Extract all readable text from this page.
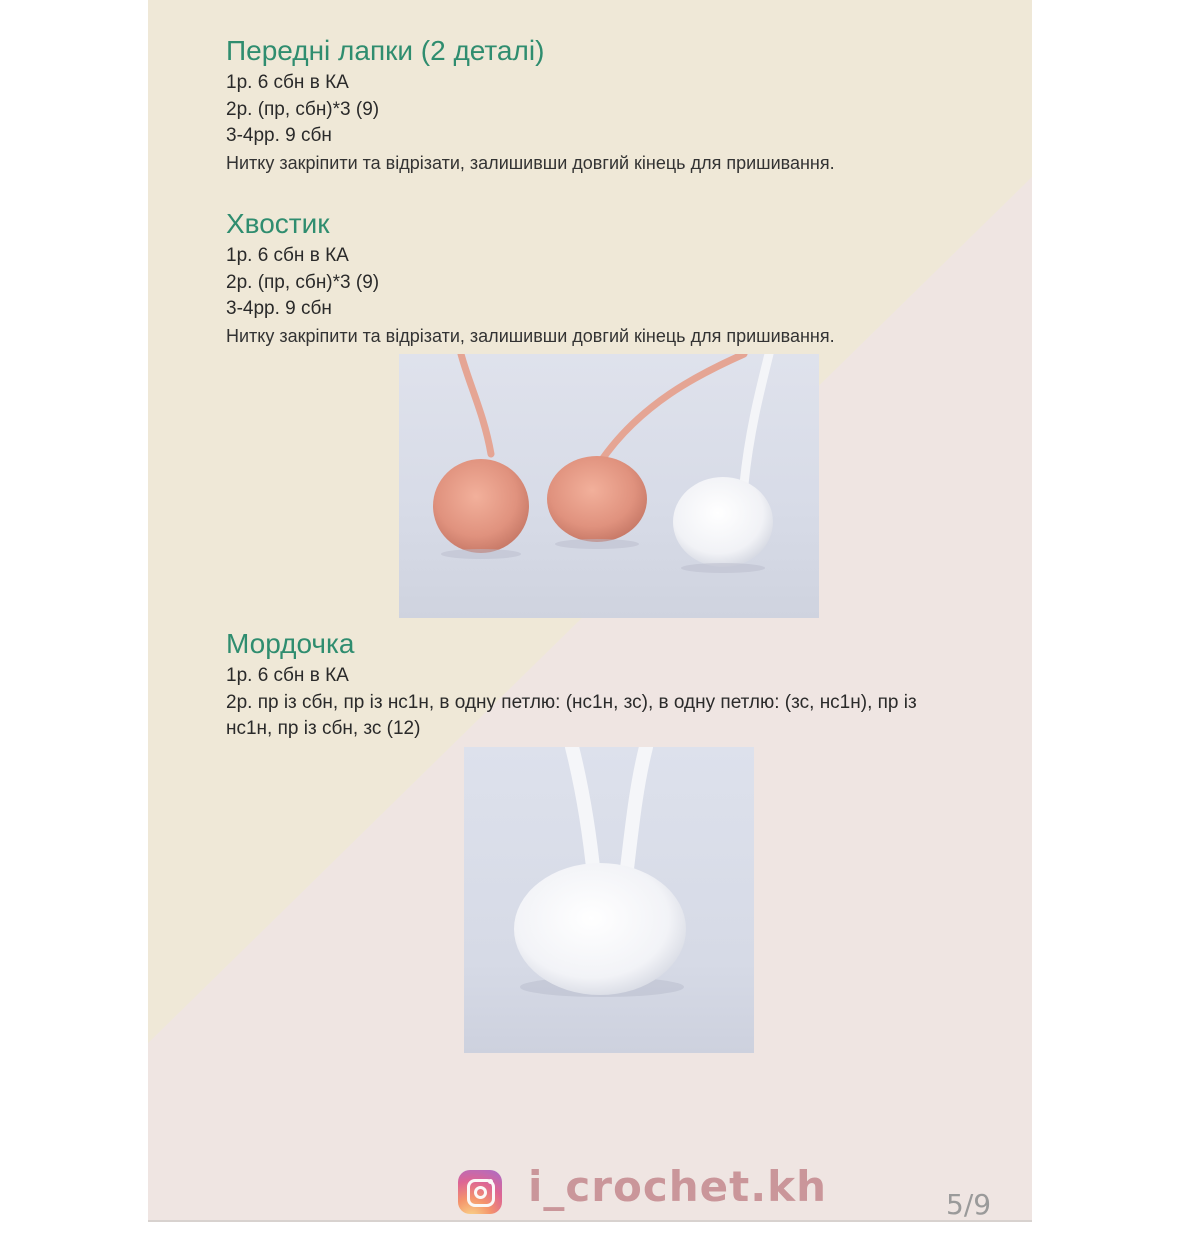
Передні лапки (2 деталі)

1р. 6 сбн в КА

2р. (пр, сбн)*3 (9)

3-4рр. 9 сбн

Нитку закріпити та відрізати, залишивши довгий кінець для пришивання.

Хвостик

1р. 6 сбн в КА

2р. (пр, сбн)*3 (9)

3-4рр. 9 сбн

Нитку закріпити та відрізати, залишивши довгий кінець для пришивання.

Мордочка

1р. 6 сбн в КА

2р. пр із сбн, пр із нс1н, в одну петлю: (нс1н, зс), в одну петлю: (зс, нс1н), пр із

нс1н, пр із сбн, зс (12)

i_crochet.kh	5/9
